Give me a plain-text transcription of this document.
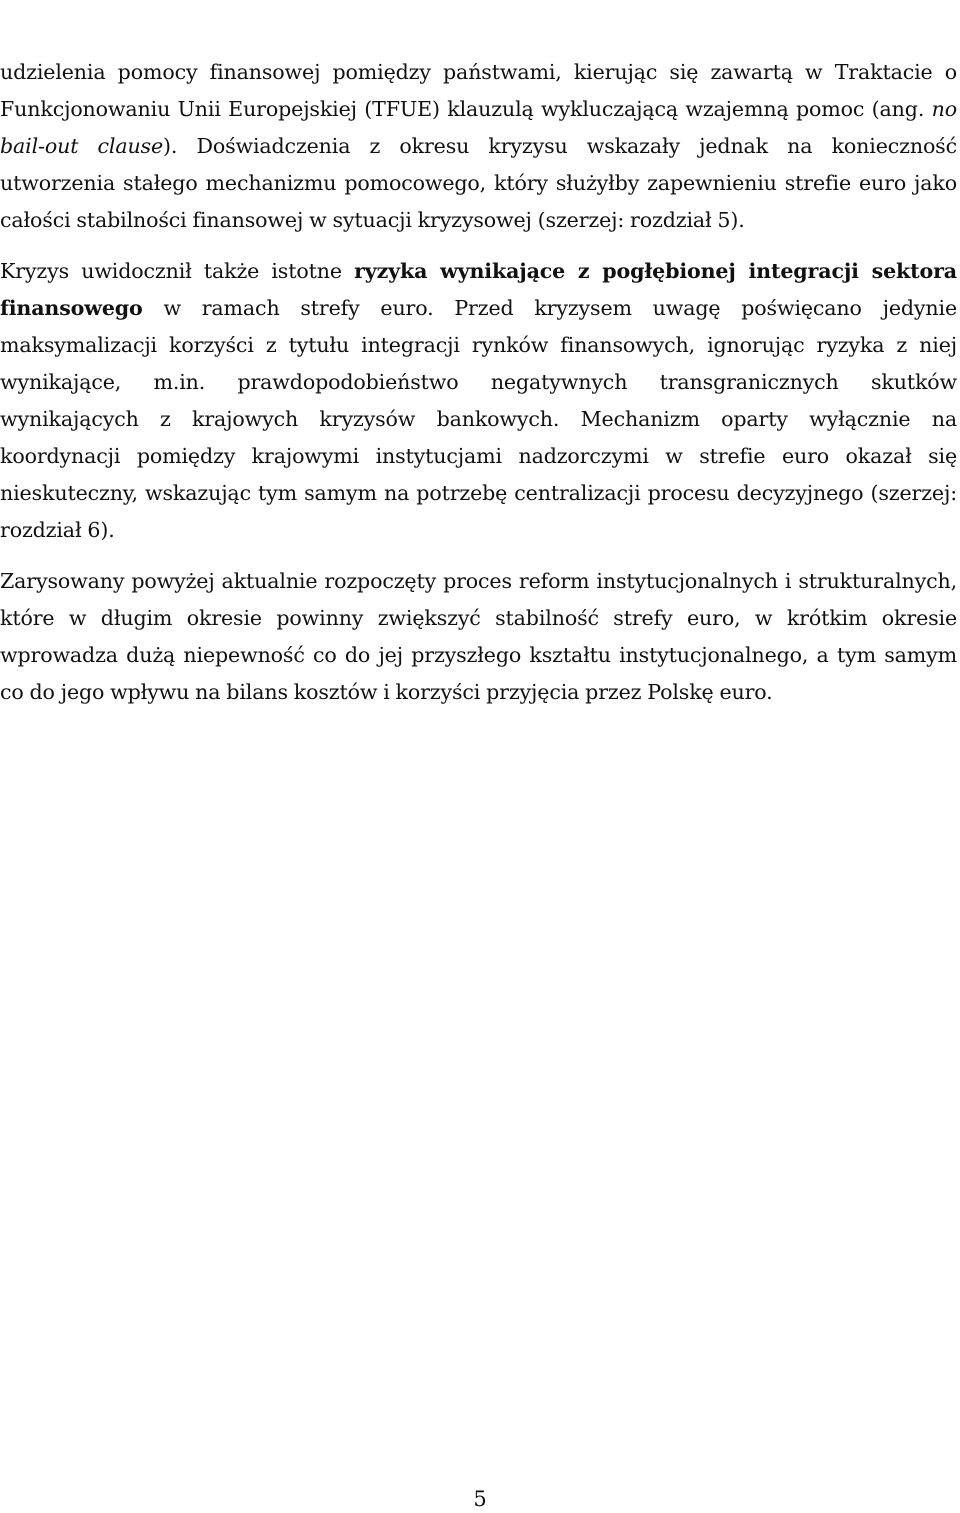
udzielenia pomocy finansowej pomiędzy państwami, kierując się zawartą w Traktacie o Funkcjonowaniu Unii Europejskiej (TFUE) klauzulą wykluczającą wzajemną pomoc (ang. no bail-out clause). Doświadczenia z okresu kryzysu wskazały jednak na konieczność utworzenia stałego mechanizmu pomocowego, który służyłby zapewnieniu strefie euro jako całości stabilności finansowej w sytuacji kryzysowej (szerzej: rozdział 5).

Kryzys uwidocznił także istotne ryzyka wynikające z pogłębionej integracji sektora finansowego w ramach strefy euro. Przed kryzysem uwagę poświęcano jedynie maksymalizacji korzyści z tytułu integracji rynków finansowych, ignorując ryzyka z niej wynikające, m.in. prawdopodobieństwo negatywnych transgranicznych skutków wynikających z krajowych kryzysów bankowych. Mechanizm oparty wyłącznie na koordynacji pomiędzy krajowymi instytucjami nadzorczymi w strefie euro okazał się nieskuteczny, wskazując tym samym na potrzebę centralizacji procesu decyzyjnego (szerzej: rozdział 6).

Zarysowany powyżej aktualnie rozpoczęty proces reform instytucjonalnych i strukturalnych, które w długim okresie powinny zwiększyć stabilność strefy euro, w krótkim okresie wprowadza dużą niepewność co do jej przyszłego kształtu instytucjonalnego, a tym samym co do jego wpływu na bilans kosztów i korzyści przyjęcia przez Polskę euro.

5
